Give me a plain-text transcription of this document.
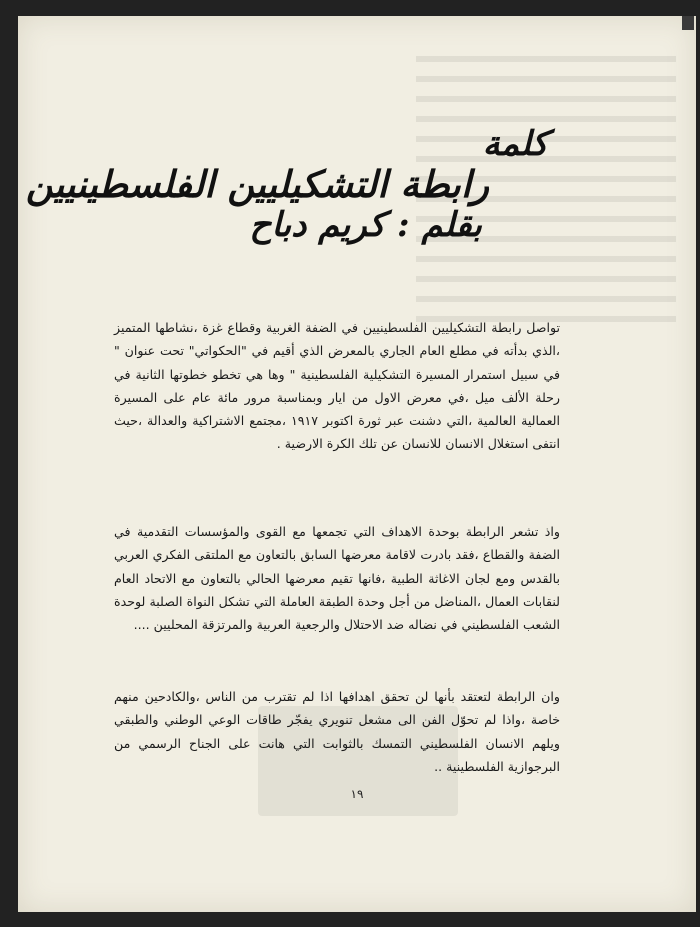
كلمة
رابطة التشكيليين الفلسطينيين
بقلم : كريم دباح

تواصل رابطة التشكيليين الفلسطينيين في الضفة الغربية وقطاع غزة ،نشاطها المتميز ،الذي بدأته في مطلع العام الجاري بالمعرض الذي أقيم في "الحكواتي" تحت عنوان " في سبيل استمرار المسيرة التشكيلية الفلسطينية " وها هي تخطو خطوتها الثانية في رحلة الألف ميل ،في معرض الاول من ايار وبمناسبة مرور مائة عام على المسيرة العمالية العالمية ،التي دشنت عبر ثورة اكتوبر ١٩١٧ ،مجتمع الاشتراكية والعدالة ،حيث انتفى استغلال الانسان للانسان عن تلك الكرة الارضية .

واذ تشعر الرابطة بوحدة الاهداف التي تجمعها مع القوى والمؤسسات التقدمية في الضفة والقطاع ،فقد بادرت لاقامة معرضها السابق بالتعاون مع الملتقى الفكري العربي بالقدس ومع لجان الاغاثة الطبية ،فانها تقيم معرضها الحالي بالتعاون مع الاتحاد العام لنقابات العمال ،المناضل من أجل وحدة الطبقة العاملة التي تشكل النواة الصلبة لوحدة الشعب الفلسطيني في نضاله ضد الاحتلال والرجعية العربية والمرتزقة المحليين ....

وان الرابطة لتعتقد بأنها لن تحقق اهدافها اذا لم تقترب من الناس ،والكادحين منهم خاصة ،واذا لم تحوّل الفن الى مشعل تنويري يفجّر طاقات الوعي الوطني والطبقي ويلهم الانسان الفلسطيني التمسك بالثوابت التي هانت على الجناح الرسمي من البرجوازية الفلسطينية ..

١٩
